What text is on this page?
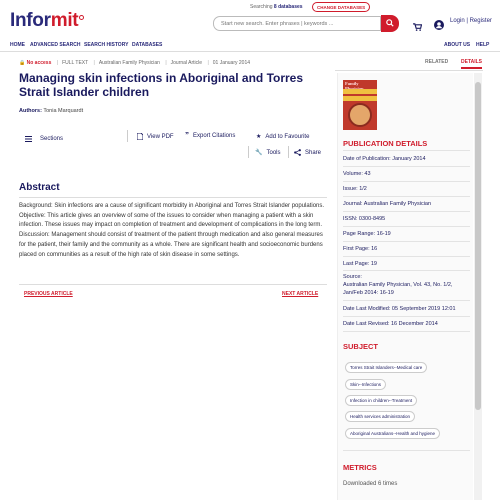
Informit
Searching 8 databases	CHANGE DATABASES
Start new search. Enter phrases | keywords ...
Login | Register
HOME ADVANCED SEARCH SEARCH HISTORY DATABASES	ABOUT US HELP
🔒 No access | FULL TEXT | Australian Family Physician | Journal Article | 01 January 2014
Managing skin infections in Aboriginal and Torres Strait Islander children
Authors: Tonia Marquardt
Sections	View PDF ” Export Citations	★ Add to Favourite
🔧 Tools	Share
Abstract

Background: Skin infections are a cause of significant morbidity in Aboriginal and Torres Strait Islander populations. Objective: This article gives an overview of some of the issues to consider when managing a patient with a skin infection. These issues may impact on completion of treatment and development of complications in the long term. Discussion: Management should consist of treatment of the patient through medication and also general measures for the patient, their family and the community as a whole. There are significant health and socioeconomic burdens placed on communities as a result of the high rate of skin disease in some settings.

PREVIOUS ARTICLE	NEXT ARTICLE
RELATED	DETAILS
Family
PUBLICATION DETAILS
Date of Publication: January 2014
Volume: 43
Issue: 1/2
Journal: Australian Family Physician
ISSN: 0300-8495
Page Range: 16-19
First Page: 16
Last Page: 19
Source:
Australian Family Physician, Vol. 43, No. 1/2, Jan/Feb 2014: 16-19
Date Last Modified: 05 September 2019 12:01
Date Last Revised: 16 December 2014
SUBJECT
Torres Strait Islanders--Medical care
Skin--Infections
Infection in children--Treatment
Health services administration
Aboriginal Australians--Health and hygiene
METRICS
Downloaded 6 times
